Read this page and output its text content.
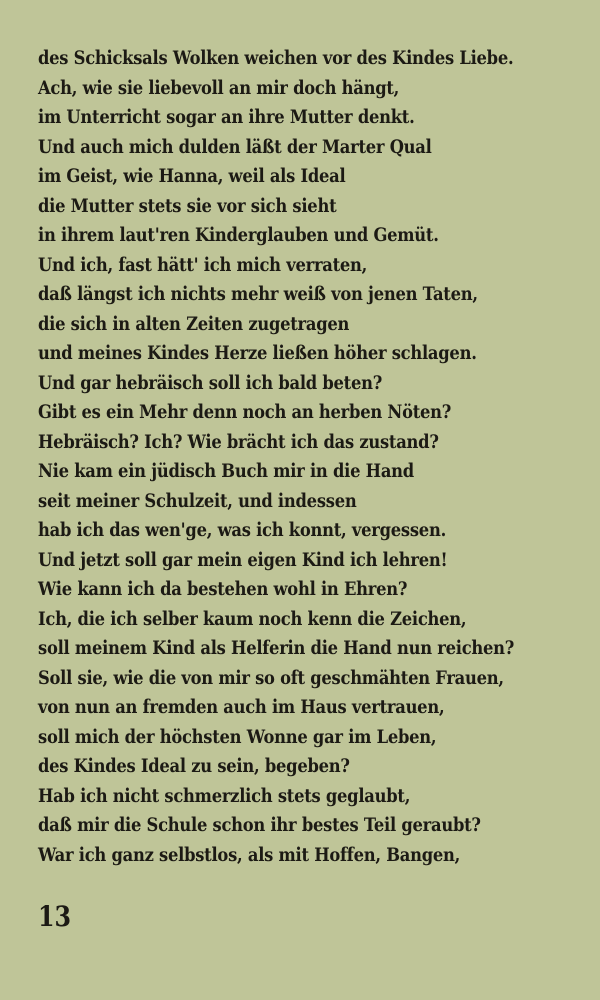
des Schicksals Wolken weichen vor des Kindes Liebe.
Ach, wie sie liebevoll an mir doch hängt,
im Unterricht sogar an ihre Mutter denkt.
Und auch mich dulden läßt der Marter Qual
im Geist, wie Hanna, weil als Ideal
die Mutter stets sie vor sich sieht
in ihrem laut'ren Kinderglauben und Gemüt.
Und ich, fast hätt' ich mich verraten,
daß längst ich nichts mehr weiß von jenen Taten,
die sich in alten Zeiten zugetragen
und meines Kindes Herze ließen höher schlagen.
Und gar hebräisch soll ich bald beten?
Gibt es ein Mehr denn noch an herben Nöten?
Hebräisch? Ich? Wie brächt ich das zustand?
Nie kam ein jüdisch Buch mir in die Hand
seit meiner Schulzeit, und indessen
hab ich das wen'ge, was ich konnt, vergessen.
Und jetzt soll gar mein eigen Kind ich lehren!
Wie kann ich da bestehen wohl in Ehren?
Ich, die ich selber kaum noch kenn die Zeichen,
soll meinem Kind als Helferin die Hand nun reichen?
Soll sie, wie die von mir so oft geschmähten Frauen,
von nun an fremden auch im Haus vertrauen,
soll mich der höchsten Wonne gar im Leben,
des Kindes Ideal zu sein, begeben?
Hab ich nicht schmerzlich stets geglaubt,
daß mir die Schule schon ihr bestes Teil geraubt?
War ich ganz selbstlos, als mit Hoffen, Bangen,
13
